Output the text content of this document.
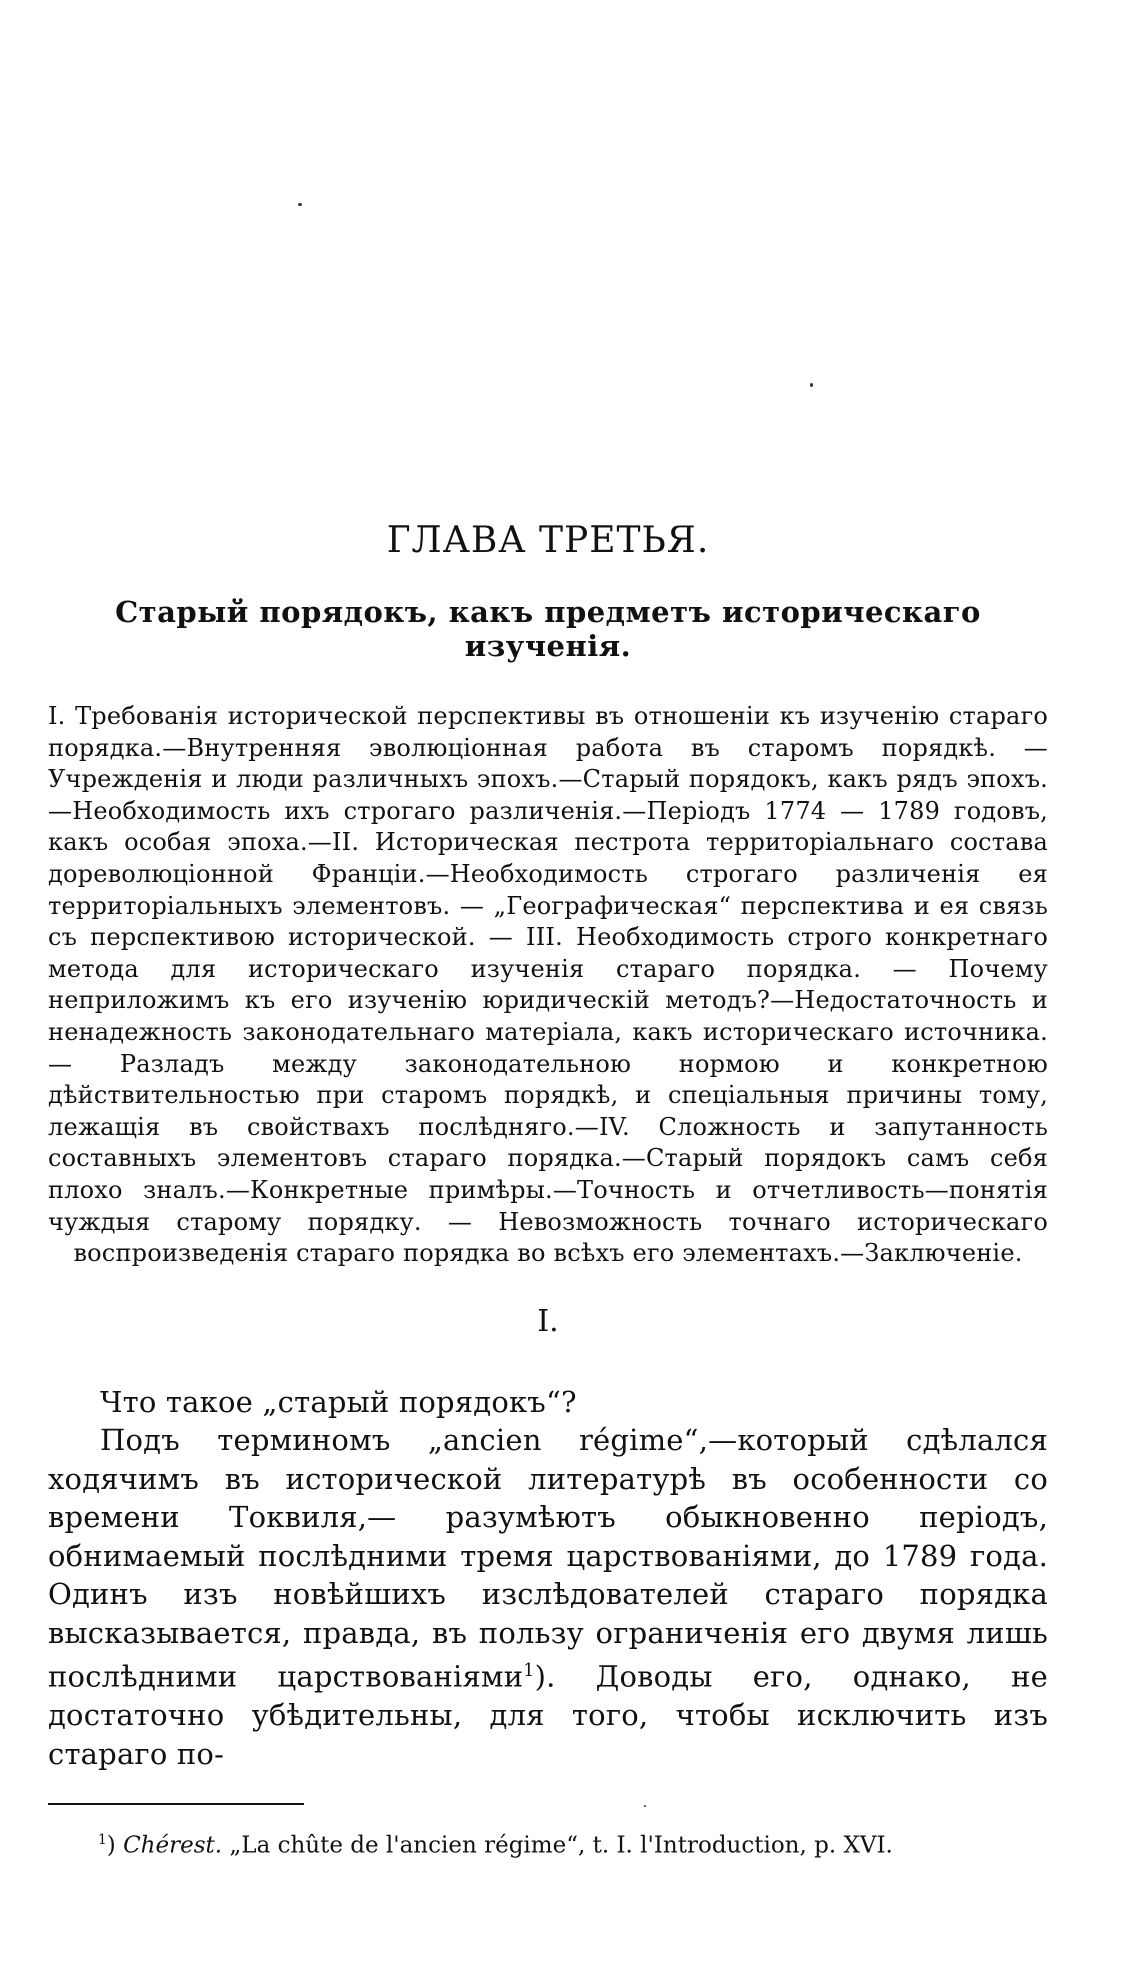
ГЛАВА ТРЕТЬЯ.
Старый порядокъ, какъ предметъ историческаго изученія.

I. Требованія исторической перспективы въ отношеніи къ изученію стараго порядка.—Внутренняя эволюціонная работа въ старомъ порядкѣ. — Учрежденія и люди различныхъ эпохъ.—Старый порядокъ, какъ рядъ эпохъ.—Необходимость ихъ строгаго различенія.—Періодъ 1774 — 1789 годовъ, какъ особая эпоха.—II. Историческая пестрота территоріальнаго состава дореволюціонной Франціи.—Необходимость строгаго различенія ея территоріальныхъ элементовъ. — „Географическая“ перспектива и ея связь съ перспективою исторической. — III. Необходимость строго конкретнаго метода для историческаго изученія стараго порядка. — Почему неприложимъ къ его изученію юридическій методъ?—Недостаточность и ненадежность законодательнаго матеріала, какъ историческаго источника. — Разладъ между законодательною нормою и конкретною дѣйствительностью при старомъ порядкѣ, и спеціальныя причины тому, лежащія въ свойствахъ послѣдняго.—IV. Сложность и запутанность составныхъ элементовъ стараго порядка.—Старый порядокъ самъ себя плохо зналъ.—Конкретные примѣры.—Точность и отчетливость—понятія чуждыя старому порядку. — Невозможность точнаго историческаго воспроизведенія стараго порядка во всѣхъ его элементахъ.—Заключеніе.

I.

Что такое „старый порядокъ“?

Подъ терминомъ „ancien régime“,—который сдѣлался ходячимъ въ исторической литературѣ въ особенности со времени Токвиля,— разумѣютъ обыкновенно періодъ, обнимаемый послѣдними тремя царствованіями, до 1789 года. Одинъ изъ новѣйшихъ изслѣдователей стараго порядка высказывается, правда, въ пользу ограниченія его двумя лишь послѣдними царствованіями$^1$). Доводы его, однако, не достаточно убѣдительны, для того, чтобы исключить изъ стараго по-

$^1$) Chérest. „La chûte de l'ancien régime“, t. I. l'Introduction, p. XVI.
